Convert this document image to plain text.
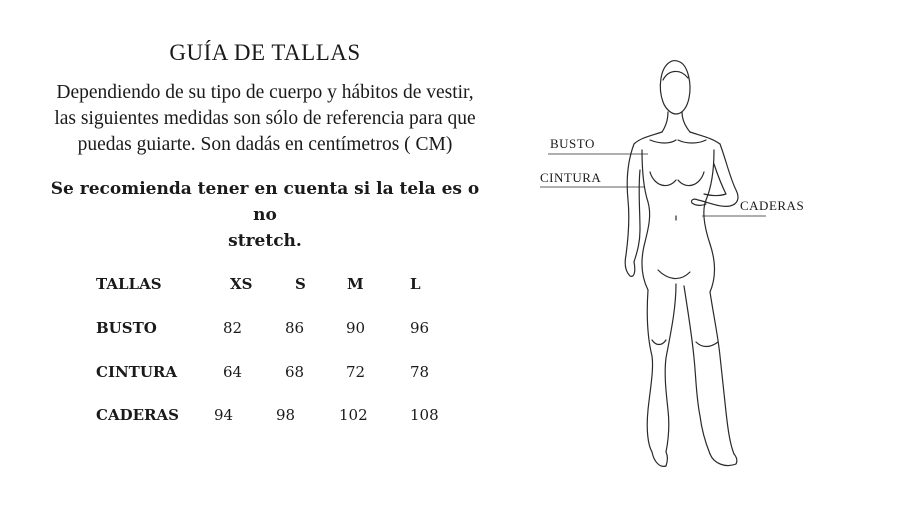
GUÍA DE TALLAS
Dependiendo de su tipo de cuerpo y hábitos de vestir,
las siguientes medidas son sólo de referencia para que
puedas guiarte. Son dadás en centímetros ( CM)
Se recomienda tener en cuenta si la tela es o no
stretch.
TALLAS	XS	S	M	L
BUSTO	82	86	90	96
CINTURA	64	68	72	78
CADERAS 94	98	102	108
BUSTO
CINTURA
CADERAS
